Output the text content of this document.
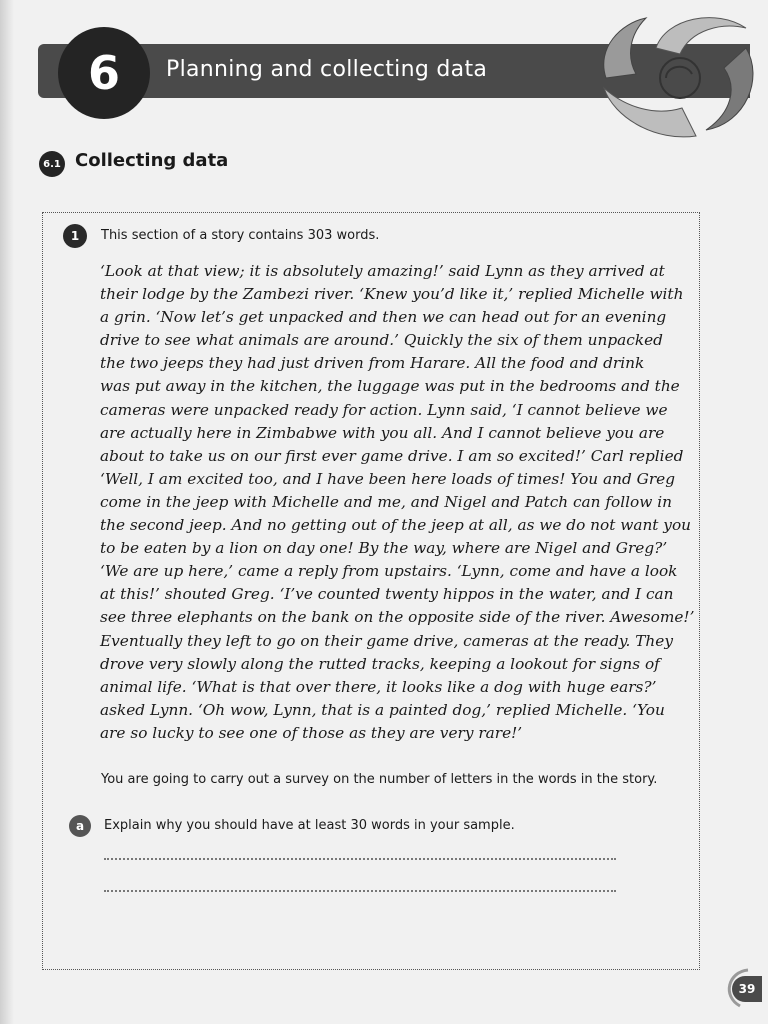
6	Planning and collecting data
6.1 Collecting data
1	This section of a story contains 303 words.
‘Look at that view; it is absolutely amazing!’ said Lynn as they arrived at
their lodge by the Zambezi river. ‘Knew you’d like it,’ replied Michelle with
a grin. ‘Now let’s get unpacked and then we can head out for an evening
drive to see what animals are around.’ Quickly the six of them unpacked
the two jeeps they had just driven from Harare. All the food and drink
was put away in the kitchen, the luggage was put in the bedrooms and the
cameras were unpacked ready for action. Lynn said, ‘I cannot believe we
are actually here in Zimbabwe with you all. And I cannot believe you are
about to take us on our first ever game drive. I am so excited!’ Carl replied
‘Well, I am excited too, and I have been here loads of times! You and Greg
come in the jeep with Michelle and me, and Nigel and Patch can follow in
the second jeep. And no getting out of the jeep at all, as we do not want you
to be eaten by a lion on day one! By the way, where are Nigel and Greg?’
‘We are up here,’ came a reply from upstairs. ‘Lynn, come and have a look
at this!’ shouted Greg. ‘I’ve counted twenty hippos in the water, and I can
see three elephants on the bank on the opposite side of the river. Awesome!’
Eventually they left to go on their game drive, cameras at the ready. They
drove very slowly along the rutted tracks, keeping a lookout for signs of
animal life. ‘What is that over there, it looks like a dog with huge ears?’
asked Lynn. ‘Oh wow, Lynn, that is a painted dog,’ replied Michelle. ‘You
are so lucky to see one of those as they are very rare!’
You are going to carry out a survey on the number of letters in the words in the story.
a	Explain why you should have at least 30 words in your sample.
39
